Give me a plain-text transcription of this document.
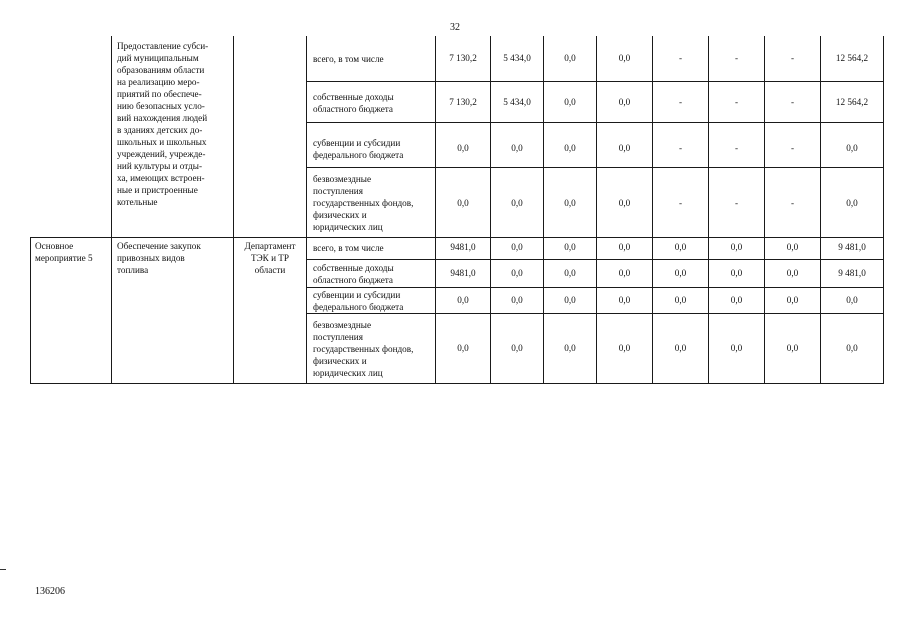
32
Предоставление субси-
дий муниципальным
образованиям области
на реализацию меро-
приятий по обеспече-
нию безопасных усло-
вий нахождения людей
в зданиях детских до-
школьных и школьных
учреждений, учрежде-
ний культуры и отды-
ха, имеющих встроен-
ные и пристроенные
котельные
всего, в том числе	7 130,2	5 434,0	0,0	0,0	-	-	-	12 564,2
собственные доходы
областного бюджета
7 130,2	5 434,0	0,0	0,0	-	-	-	12 564,2
субвенции и субсидии
федерального бюджета
0,0	0,0	0,0	0,0	-	-	-	0,0
безвозмездные
поступления
государственных фондов,
физических и
юридических лиц
0,0	0,0	0,0	0,0	-	-	-	0,0
Основное
мероприятие 5
Обеспечение закупок
привозных видов
топлива
Департамент
ТЭК и ТР
области
всего, в том числе	9481,0	0,0	0,0	0,0	0,0	0,0	0,0	9 481,0
собственные доходы
областного бюджета
9481,0	0,0	0,0	0,0	0,0	0,0	0,0	9 481,0
субвенции и субсидии
федерального бюджета
0,0	0,0	0,0	0,0	0,0	0,0	0,0	0,0
безвозмездные
поступления
государственных фондов,
физических и
юридических лиц
0,0	0,0	0,0	0,0	0,0	0,0	0,0	0,0
136206
